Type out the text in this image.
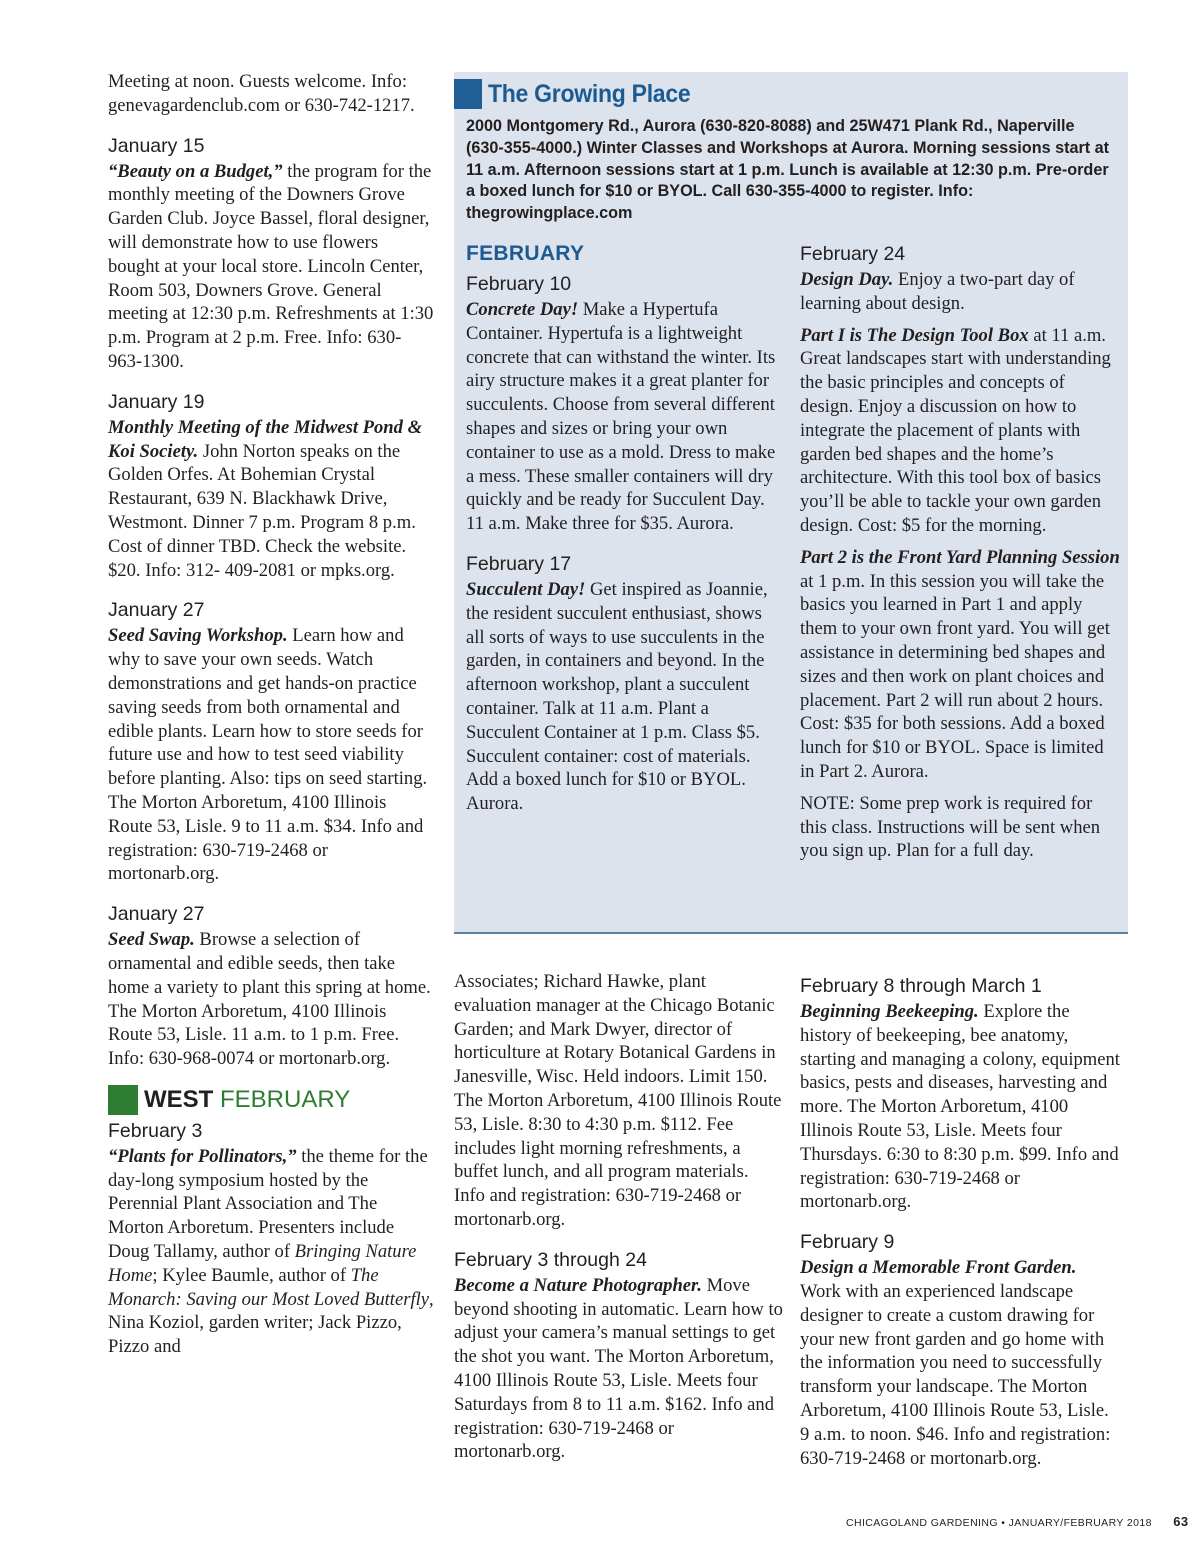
Meeting at noon. Guests welcome. Info: genevagardenclub.com or 630-742-1217.

January 15

“Beauty on a Budget,” the program for the monthly meeting of the Downers Grove Garden Club. Joyce Bassel, floral designer, will demonstrate how to use flowers bought at your local store. Lincoln Center, Room 503, Downers Grove. General meeting at 12:30 p.m. Refreshments at 1:30 p.m. Program at 2 p.m. Free. Info: 630-963-1300.

January 19

Monthly Meeting of the Midwest Pond & Koi Society. John Norton speaks on the Golden Orfes. At Bohemian Crystal Restaurant, 639 N. Blackhawk Drive, Westmont. Dinner 7 p.m. Program 8 p.m. Cost of dinner TBD. Check the website. $20. Info: 312- 409-2081 or mpks.org.

January 27

Seed Saving Workshop. Learn how and why to save your own seeds. Watch demonstrations and get hands-on practice saving seeds from both ornamental and edible plants. Learn how to store seeds for future use and how to test seed viability before planting. Also: tips on seed starting. The Morton Arboretum, 4100 Illinois Route 53, Lisle. 9 to 11 a.m. $34. Info and registration: 630-719-2468 or mortonarb.org.

January 27

Seed Swap. Browse a selection of ornamental and edible seeds, then take home a variety to plant this spring at home. The Morton Arboretum, 4100 Illinois Route 53, Lisle. 11 a.m. to 1 p.m. Free. Info: 630-968-0074 or mortonarb.org.

WEST FEBRUARY
February 3

“Plants for Pollinators,” the theme for the day-long symposium hosted by the Perennial Plant Association and The Morton Arboretum. Presenters include Doug Tallamy, author of Bringing Nature Home; Kylee Baumle, author of The Monarch: Saving our Most Loved Butterfly, Nina Koziol, garden writer; Jack Pizzo, Pizzo and

The Growing Place
2000 Montgomery Rd., Aurora (630-820-8088) and 25W471 Plank Rd., Naperville (630-355-4000.) Winter Classes and Workshops at Aurora. Morning sessions start at 11 a.m. Afternoon sessions start at 1 p.m. Lunch is available at 12:30 p.m. Pre-order a boxed lunch for $10 or BYOL. Call 630-355-4000 to register. Info: thegrowingplace.com
FEBRUARY
February 10

Concrete Day! Make a Hypertufa Container. Hypertufa is a lightweight concrete that can withstand the winter. Its airy structure makes it a great planter for succulents. Choose from several different shapes and sizes or bring your own container to use as a mold. Dress to make a mess. These smaller containers will dry quickly and be ready for Succulent Day. 11 a.m. Make three for $35. Aurora.

February 17

Succulent Day! Get inspired as Joannie, the resident succulent enthusiast, shows all sorts of ways to use succulents in the garden, in containers and beyond. In the afternoon workshop, plant a succulent container. Talk at 11 a.m. Plant a Succulent Container at 1 p.m. Class $5. Succulent container: cost of materials. Add a boxed lunch for $10 or BYOL. Aurora.

February 24

Design Day. Enjoy a two-part day of learning about design.

Part I is The Design Tool Box at 11 a.m. Great landscapes start with understanding the basic principles and concepts of design. Enjoy a discussion on how to integrate the placement of plants with garden bed shapes and the home’s architecture. With this tool box of basics you’ll be able to tackle your own garden design. Cost: $5 for the morning.

Part 2 is the Front Yard Planning Session at 1 p.m. In this session you will take the basics you learned in Part 1 and apply them to your own front yard. You will get assistance in determining bed shapes and sizes and then work on plant choices and placement. Part 2 will run about 2 hours. Cost: $35 for both sessions. Add a boxed lunch for $10 or BYOL. Space is limited in Part 2. Aurora.

NOTE: Some prep work is required for this class. Instructions will be sent when you sign up. Plan for a full day.

Associates; Richard Hawke, plant evaluation manager at the Chicago Botanic Garden; and Mark Dwyer, director of horticulture at Rotary Botanical Gardens in Janesville, Wisc. Held indoors. Limit 150. The Morton Arboretum, 4100 Illinois Route 53, Lisle. 8:30 to 4:30 p.m. $112. Fee includes light morning refreshments, a buffet lunch, and all program materials. Info and registration: 630-719-2468 or mortonarb.org.

February 3 through 24

Become a Nature Photographer. Move beyond shooting in automatic. Learn how to adjust your camera’s manual settings to get the shot you want. The Morton Arboretum, 4100 Illinois Route 53, Lisle. Meets four Saturdays from 8 to 11 a.m. $162. Info and registration: 630-719-2468 or mortonarb.org.

February 8 through March 1

Beginning Beekeeping. Explore the history of beekeeping, bee anatomy, starting and managing a colony, equipment basics, pests and diseases, harvesting and more. The Morton Arboretum, 4100 Illinois Route 53, Lisle. Meets four Thursdays. 6:30 to 8:30 p.m. $99. Info and registration: 630-719-2468 or mortonarb.org.

February 9

Design a Memorable Front Garden. Work with an experienced landscape designer to create a custom drawing for your new front garden and go home with the information you need to successfully transform your landscape. The Morton Arboretum, 4100 Illinois Route 53, Lisle. 9 a.m. to noon. $46. Info and registration: 630-719-2468 or mortonarb.org.

CHICAGOLAND GARDENING • JANUARY/FEBRUARY 2018 63
